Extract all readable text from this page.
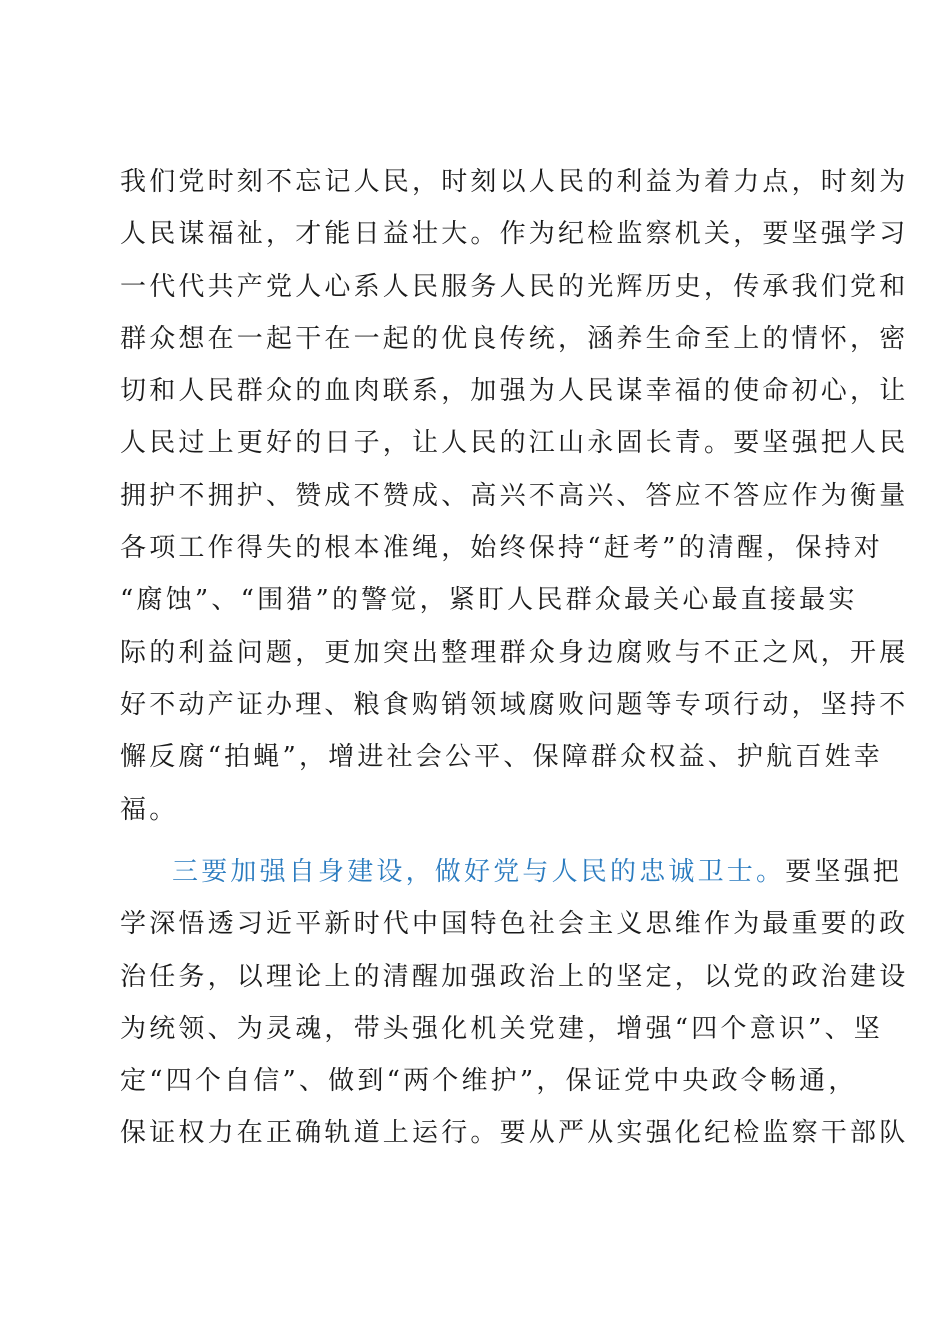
我们党时刻不忘记人民，时刻以人民的利益为着力点，时刻为
人民谋福祉，才能日益壮大。作为纪检监察机关，要坚强学习
一代代共产党人心系人民服务人民的光辉历史，传承我们党和
群众想在一起干在一起的优良传统，涵养生命至上的情怀，密
切和人民群众的血肉联系，加强为人民谋幸福的使命初心，让
人民过上更好的日子，让人民的江山永固长青。要坚强把人民
拥护不拥护、赞成不赞成、高兴不高兴、答应不答应作为衡量
各项工作得失的根本准绳，始终保持“赶考”的清醒，保持对
“腐蚀”、“围猎”的警觉，紧盯人民群众最关心最直接最实
际的利益问题，更加突出整理群众身边腐败与不正之风，开展
好不动产证办理、粮食购销领域腐败问题等专项行动，坚持不
懈反腐“拍蝇”，增进社会公平、保障群众权益、护航百姓幸
福。
三要加强自身建设，做好党与人民的忠诚卫士。要坚强把
学深悟透习近平新时代中国特色社会主义思维作为最重要的政
治任务，以理论上的清醒加强政治上的坚定，以党的政治建设
为统领、为灵魂，带头强化机关党建，增强“四个意识”、坚
定“四个自信”、做到“两个维护”，保证党中央政令畅通，
保证权力在正确轨道上运行。要从严从实强化纪检监察干部队
